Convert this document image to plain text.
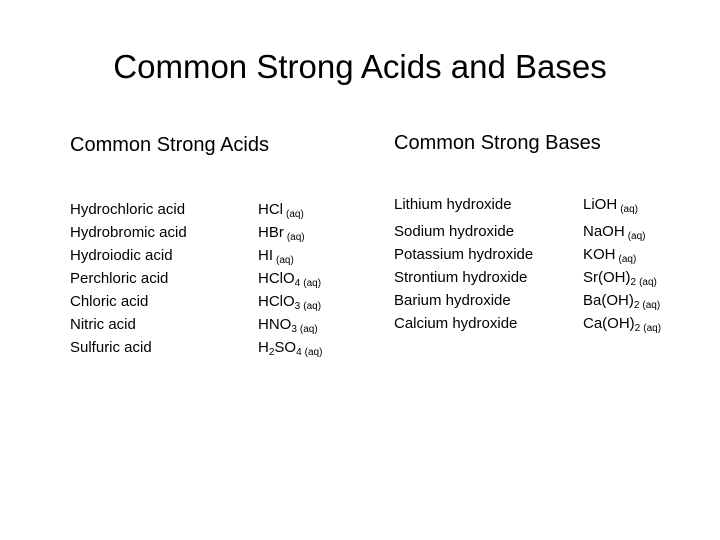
Common Strong Acids and Bases
Common Strong Acids	Common Strong Bases
Hydrochloric acid
Hydrobromic acid
Hydroiodic acid
Perchloric acid
Chloric acid
Nitric acid
Sulfuric acid
HCl $_{(aq)}$
HBr $_{(aq)}$
HI $_{(aq)}$
HClO$_4$ $_{(aq)}$
HClO$_3$ $_{(aq)}$
$HNO_3$ $_{(aq)}$
$H_2SO_4$ $_{(aq)}$
Lithium hydroxide
Sodium hydroxide
Potassium hydroxide
Strontium hydroxide
Barium hydroxide
Calcium hydroxide
LiOH $_{(aq)}$
NaOH $_{(aq)}$
KOH $_{(aq)}$
$Sr(OH)_2$ $_{(aq)}$
$Ba(OH)_2$ $_{(aq)}$
$Ca(OH)_2$ $_{(aq)}$
